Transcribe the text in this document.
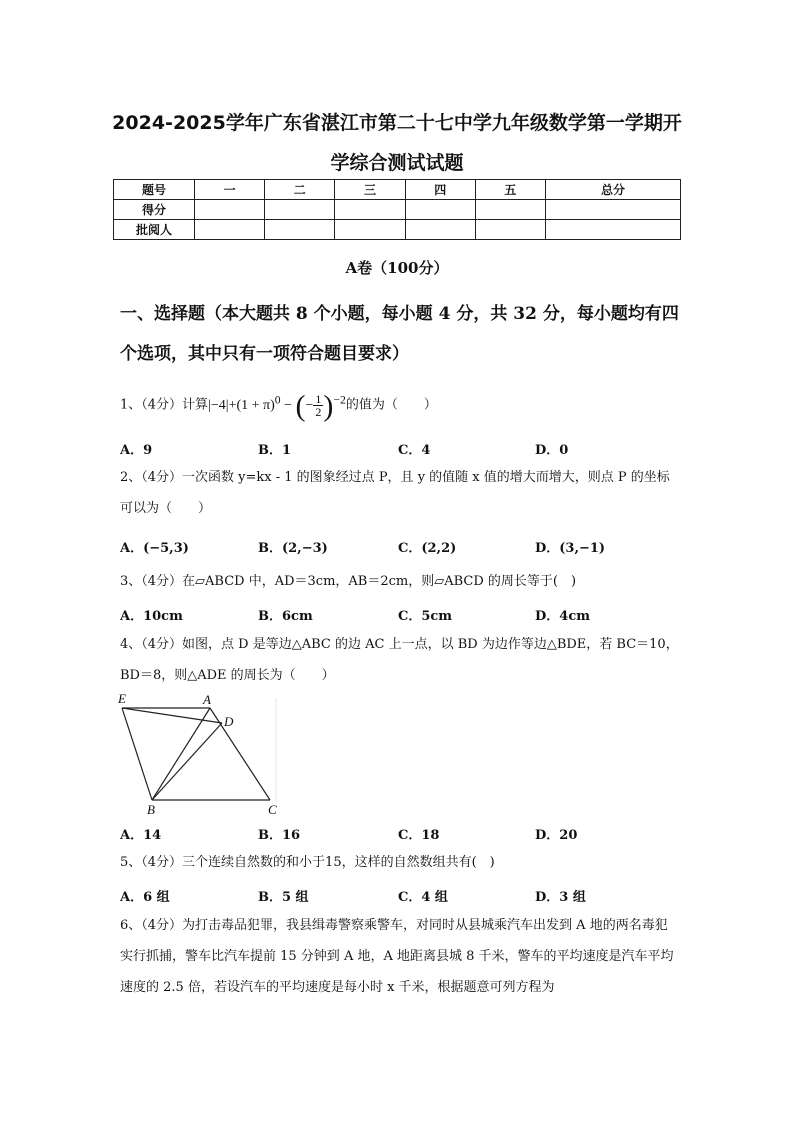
2024-2025学年广东省湛江市第二十七中学九年级数学第一学期开
学综合测试试题
题号	一	二	三	四	五	总分
得分						
批阅人						
A卷（100分）
一、选择题（本大题共 8 个小题，每小题 4 分，共 32 分，每小题均有四个选项，其中只有一项符合题目要求）
1、（4分）计算$|-4|+(1 + \pi)^0$ − (− $\frac{1}{2} )^{-2}$的值为（　　）
A．9	B．1	C．4	D．0
2、（4分）一次函数 y=kx - 1 的图象经过点 P，且 y 的值随 x 值的增大而增大，则点 P 的坐标可以为（　　）
A．(−5,3)	B．(2,−3)	C．(2,2)	D．(3,−1)
3、（4分）在▱ABCD 中，AD＝3cm，AB＝2cm，则▱ABCD 的周长等于(　)
A．10cm	B．6cm	C．5cm	D．4cm
4、（4分）如图，点 D 是等边△ABC 的边 AC 上一点，以 BD 为边作等边△BDE，若 BC＝10，BD＝8，则△ADE 的周长为（　　）
E	A
D
B	C
A．14	B．16	C．18	D．20
5、（4分）三个连续自然数的和小于15，这样的自然数组共有(　)
A．6 组	B．5 组	C．4 组	D．3 组
6、（4分）为打击毒品犯罪，我县缉毒警察乘警车，对同时从县城乘汽车出发到 A 地的两名毒犯实行抓捕，警车比汽车提前 15 分钟到 A 地，A 地距离县城 8 千米，警车的平均速度是汽车平均速度的 2.5 倍，若设汽车的平均速度是每小时 x 千米，根据题意可列方程为
